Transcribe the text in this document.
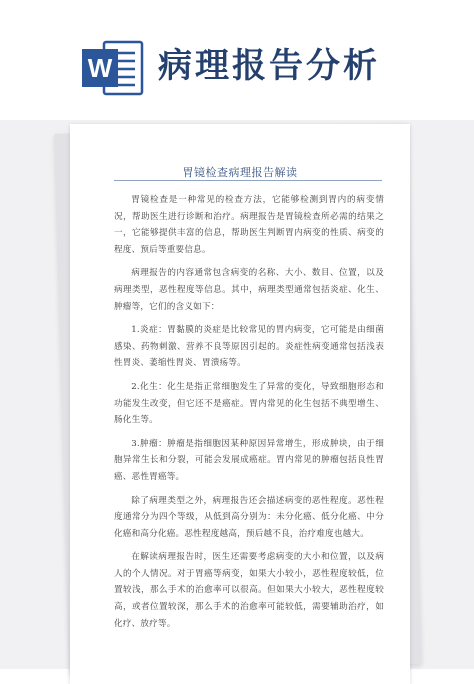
W 病理报告分析
胃镜检查病理报告解读

胃镜检查是一种常见的检查方法，它能够检测到胃内的病变情况，帮助医生进行诊断和治疗。病理报告是胃镜检查所必需的结果之一，它能够提供丰富的信息，帮助医生判断胃内病变的性质、病变的程度、预后等重要信息。

病理报告的内容通常包含病变的名称、大小、数目、位置，以及病理类型，恶性程度等信息。其中，病理类型通常包括炎症、化生、肿瘤等，它们的含义如下：

1.炎症：胃黏膜的炎症是比较常见的胃内病变，它可能是由细菌感染、药物刺激、营养不良等原因引起的。炎症性病变通常包括浅表性胃炎、萎缩性胃炎、胃溃疡等。

2.化生：化生是指正常细胞发生了异常的变化，导致细胞形态和功能发生改变，但它还不是癌症。胃内常见的化生包括不典型增生、肠化生等。

3.肿瘤：肿瘤是指细胞因某种原因异常增生，形成肿块，由于细胞异常生长和分裂，可能会发展成癌症。胃内常见的肿瘤包括良性胃癌、恶性胃癌等。

除了病理类型之外，病理报告还会描述病变的恶性程度。恶性程度通常分为四个等级，从低到高分别为：未分化癌、低分化癌、中分化癌和高分化癌。恶性程度越高，预后越不良，治疗难度也越大。

在解读病理报告时，医生还需要考虑病变的大小和位置，以及病人的个人情况。对于胃癌等病变，如果大小较小，恶性程度较低，位置较浅，那么手术的治愈率可以很高。但如果大小较大，恶性程度较高，或者位置较深，那么手术的治愈率可能较低，需要辅助治疗，如化疗、放疗等。
